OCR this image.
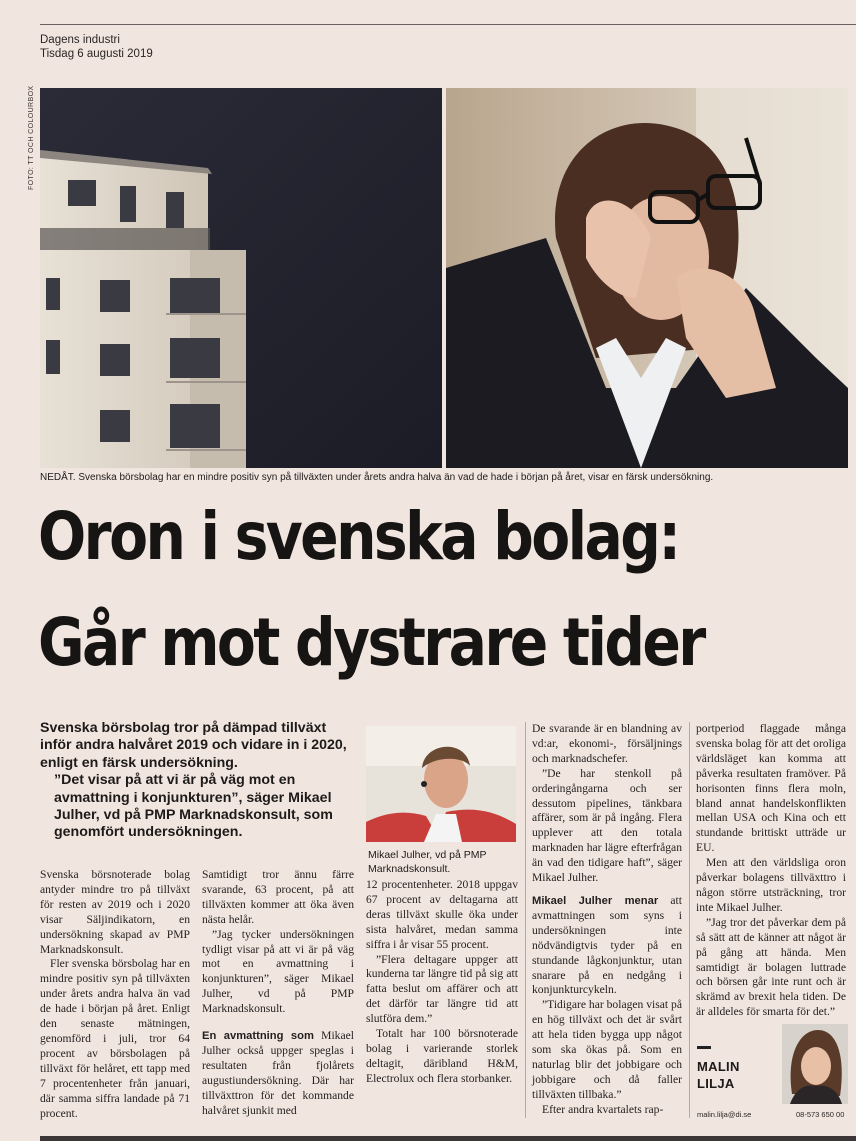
Dagens industri
Tisdag 6 augusti 2019
FOTO: TT OCH COLOURBOX
NEDÅT. Svenska börsbolag har en mindre positiv syn på tillväxten under årets andra halva än vad de hade i början på året, visar en färsk undersökning.
Oron i svenska bolag:
Går mot dystrare tider

Svenska börsbolag tror på dämpad tillväxt inför andra halvåret 2019 och vidare in i 2020, enligt en färsk undersökning.

”Det visar på att vi är på väg mot en avmattning i konjunkturen”, säger Mikael Julher, vd på PMP Marknadskonsult, som genomfört undersökningen.

Mikael Julher, vd på PMP Marknadskonsult.

Svenska börsnoterade bolag antyder mindre tro på tillväxt för resten av 2019 och i 2020 visar Säljindikatorn, en undersökning skapad av PMP Marknadskonsult.

Fler svenska börsbolag har en mindre positiv syn på tillväxten under årets andra halva än vad de hade i början på året. Enligt den senaste mätningen, genomförd i juli, tror 64 procent av börsbolagen på tillväxt för helåret, ett tapp med 7 procentenheter från januari, där samma siffra landade på 71 procent.

Samtidigt tror ännu färre svarande, 63 procent, på att tillväxten kommer att öka även nästa helår.

”Jag tycker undersökningen tydligt visar på att vi är på väg mot en avmattning i konjunkturen”, säger Mikael Julher, vd på PMP Marknadskonsult.

En avmattning som Mikael Julher också uppger speglas i resultaten från fjolårets augustiundersökning. Där har tillväxttron för det kommande halvåret sjunkit med

12 procentenheter. 2018 uppgav 67 procent av deltagarna att deras tillväxt skulle öka under sista halvåret, medan samma siffra i år visar 55 procent.

”Flera deltagare uppger att kunderna tar längre tid på sig att fatta beslut om affärer och att det därför tar längre tid att slutföra dem.”

Totalt har 100 börsnoterade bolag i varierande storlek deltagit, däribland H&M, Electrolux och flera storbanker.

De svarande är en blandning av vd:ar, ekonomi-, försäljnings och marknadschefer.

”De har stenkoll på orderingångarna och ser dessutom pipelines, tänkbara affärer, som är på ingång. Flera upplever att den totala marknaden har lägre efterfrågan än vad den tidigare haft”, säger Mikael Julher.

Mikael Julher menar att avmattningen som syns i undersökningen inte nödvändigtvis tyder på en stundande lågkonjunktur, utan snarare på en nedgång i konjunkturcykeln.

”Tidigare har bolagen visat på en hög tillväxt och det är svårt att hela tiden bygga upp något som ska ökas på. Som en naturlag blir det jobbigare och jobbigare och då faller tillväxten tillbaka.”

Efter andra kvartalets rap-

portperiod flaggade många svenska bolag för att det oroliga världsläget kan komma att påverka resultaten framöver. På horisonten finns flera moln, bland annat handelskonflikten mellan USA och Kina och ett stundande brittiskt utträde ur EU.

Men att den världsliga oron påverkar bolagens tillväxttro i någon större utsträckning, tror inte Mikael Julher.

”Jag tror det påverkar dem på så sätt att de känner att något är på gång att hända. Men samtidigt är bolagen luttrade och börsen går inte runt och är skrämd av brexit hela tiden. De är alldeles för smarta för det.”

MALIN
LILJA
malin.lilja@di.se	08-573 650 00
